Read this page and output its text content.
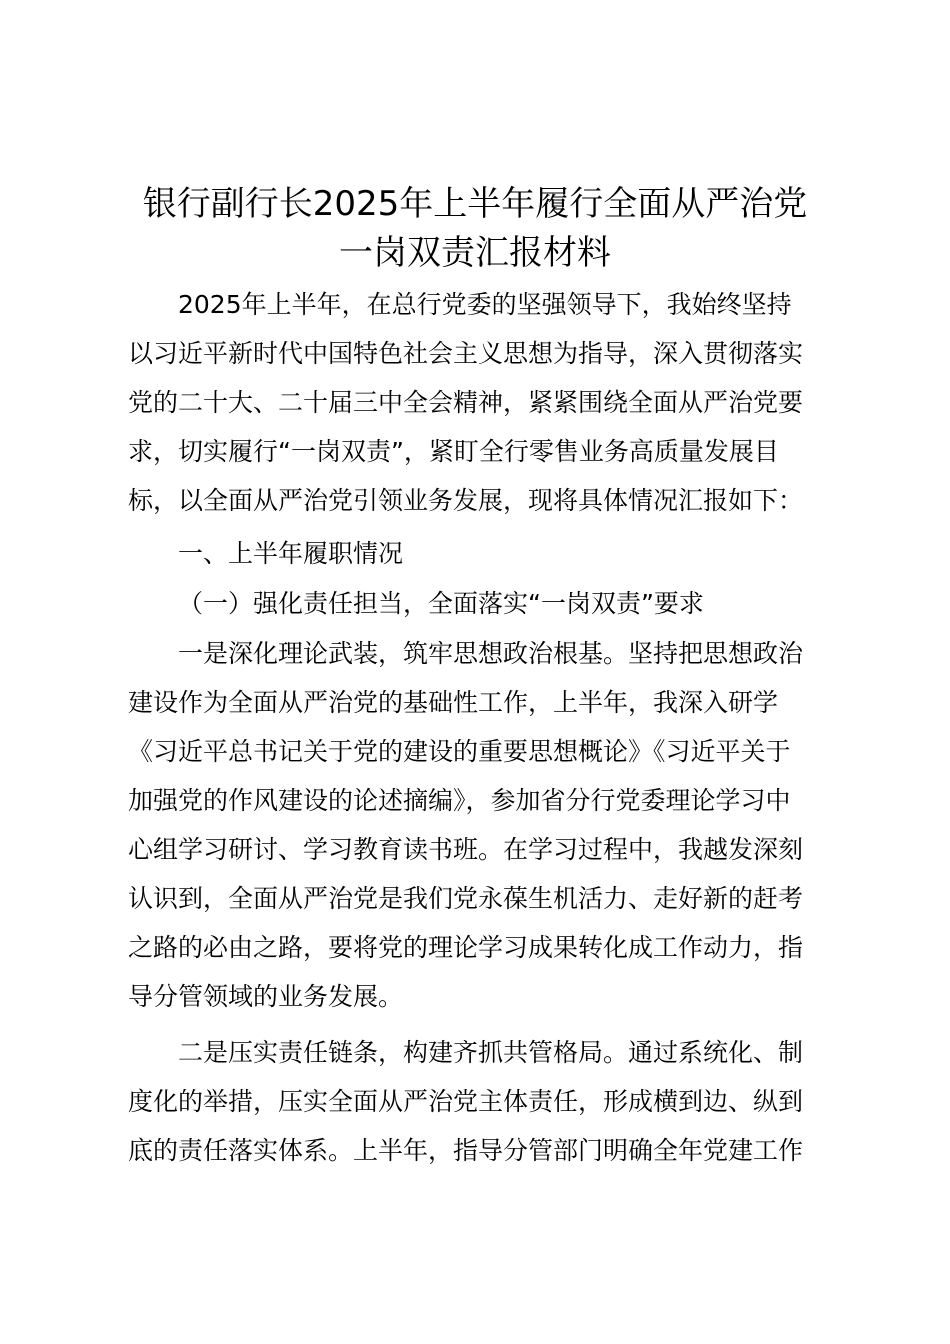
银行副行长2025年上半年履行全面从严治党
一岗双责汇报材料

2025年上半年，在总行党委的坚强领导下，我始终坚持
以习近平新时代中国特色社会主义思想为指导，深入贯彻落实
党的二十大、二十届三中全会精神，紧紧围绕全面从严治党要
求，切实履行“一岗双责”，紧盯全行零售业务高质量发展目
标，以全面从严治党引领业务发展，现将具体情况汇报如下：

一、上半年履职情况

（一）强化责任担当，全面落实“一岗双责”要求

一是深化理论武装，筑牢思想政治根基。坚持把思想政治
建设作为全面从严治党的基础性工作，上半年，我深入研学
《习近平总书记关于党的建设的重要思想概论》《习近平关于
加强党的作风建设的论述摘编》，参加省分行党委理论学习中
心组学习研讨、学习教育读书班。在学习过程中，我越发深刻
认识到，全面从严治党是我们党永葆生机活力、走好新的赶考
之路的必由之路，要将党的理论学习成果转化成工作动力，指
导分管领域的业务发展。

二是压实责任链条，构建齐抓共管格局。通过系统化、制
度化的举措，压实全面从严治党主体责任，形成横到边、纵到
底的责任落实体系。上半年，指导分管部门明确全年党建工作
